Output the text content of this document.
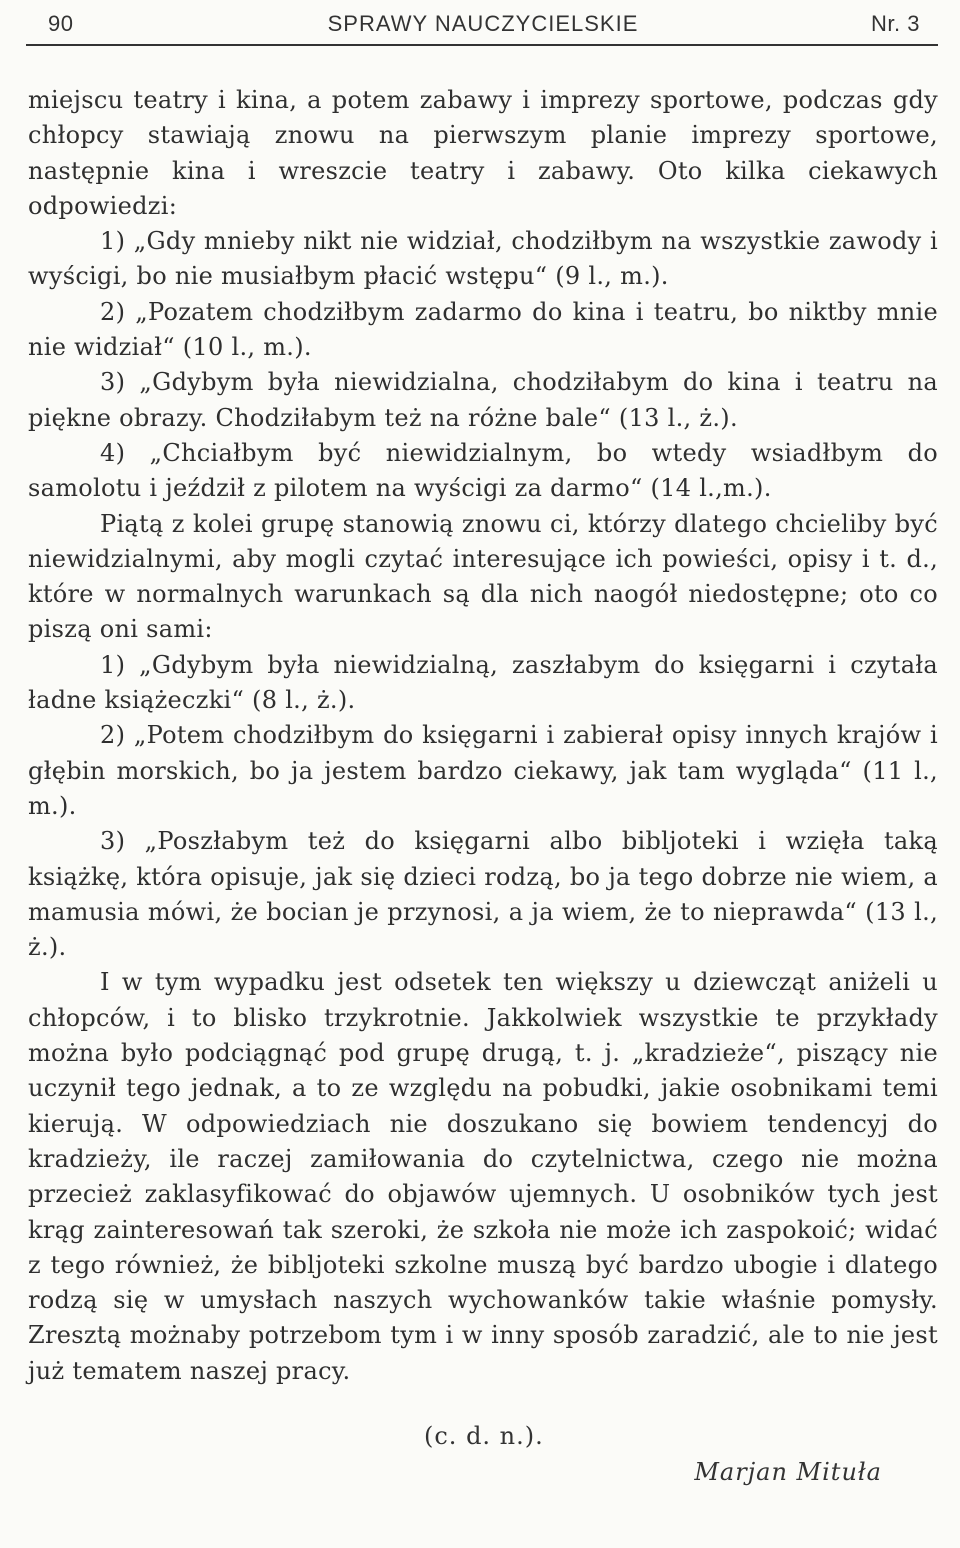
90	SPRAWY NAUCZYCIELSKIE	Nr. 3

miejscu teatry i kina, a potem zabawy i imprezy sportowe, podczas gdy chłopcy stawiają znowu na pierwszym planie imprezy sportowe, następnie kina i wreszcie teatry i zabawy. Oto kilka ciekawych odpowiedzi:

1) „Gdy mnieby nikt nie widział, chodziłbym na wszystkie zawody i wyścigi, bo nie musiałbym płacić wstępu“ (9 l., m.).

2) „Pozatem chodziłbym zadarmo do kina i teatru, bo niktby mnie nie widział“ (10 l., m.).

3) „Gdybym była niewidzialna, chodziłabym do kina i teatru na piękne obrazy. Chodziłabym też na różne bale“ (13 l., ż.).

4) „Chciałbym być niewidzialnym, bo wtedy wsiadłbym do samolotu i jeździł z pilotem na wyścigi za darmo“ (14 l.,m.).

Piątą z kolei grupę stanowią znowu ci, którzy dlatego chcieliby być niewidzialnymi, aby mogli czytać interesujące ich powieści, opisy i t. d., które w normalnych warunkach są dla nich naogół niedostępne; oto co piszą oni sami:

1) „Gdybym była niewidzialną, zaszłabym do księgarni i czytała ładne książeczki“ (8 l., ż.).

2) „Potem chodziłbym do księgarni i zabierał opisy innych krajów i głębin morskich, bo ja jestem bardzo ciekawy, jak tam wygląda“ (11 l., m.).

3) „Poszłabym też do księgarni albo bibljoteki i wzięła taką książkę, która opisuje, jak się dzieci rodzą, bo ja tego dobrze nie wiem, a mamusia mówi, że bocian je przynosi, a ja wiem, że to nieprawda“ (13 l., ż.).

I w tym wypadku jest odsetek ten większy u dziewcząt aniżeli u chłopców, i to blisko trzykrotnie. Jakkolwiek wszystkie te przykłady można było podciągnąć pod grupę drugą, t. j. „kradzieże“, piszący nie uczynił tego jednak, a to ze względu na pobudki, jakie osobnikami temi kierują. W odpowiedziach nie doszukano się bowiem tendencyj do kradzieży, ile raczej zamiłowania do czytelnictwa, czego nie można przecież zaklasyfikować do objawów ujemnych. U osobników tych jest krąg zainteresowań tak szeroki, że szkoła nie może ich zaspokoić; widać z tego również, że bibljoteki szkolne muszą być bardzo ubogie i dlatego rodzą się w umysłach naszych wychowanków takie właśnie pomysły. Zresztą możnaby potrzebom tym i w inny sposób zaradzić, ale to nie jest już tematem naszej pracy.

(c. d. n.).
Marjan Mituła
